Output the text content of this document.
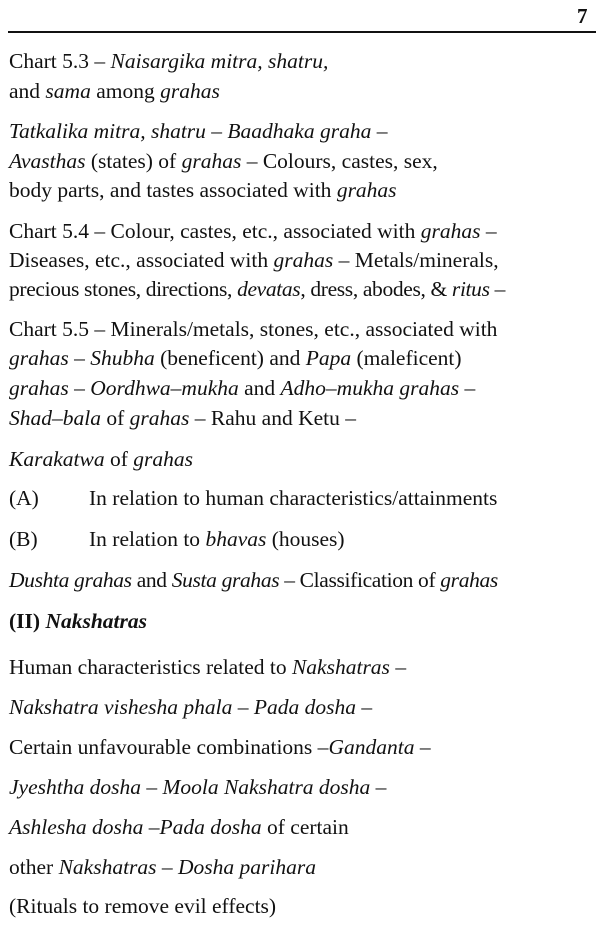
7
Chart 5.3 – Naisargika mitra, shatru,
and sama among grahas
Tatkalika mitra, shatru – Baadhaka graha –
Avasthas (states) of grahas – Colours, castes, sex,
body parts, and tastes associated with grahas
Chart 5.4 – Colour, castes, etc., associated with grahas –
Diseases, etc., associated with grahas – Metals/minerals,
precious stones, directions, devatas, dress, abodes, & ritus –
Chart 5.5 – Minerals/metals, stones, etc., associated with
grahas – Shubha (beneficent) and Papa (maleficent)
grahas – Oordhwa–mukha and Adho–mukha grahas –
Shad–bala of grahas – Rahu and Ketu –
Karakatwa of grahas
(A) In relation to human characteristics/attainments
(B) In relation to bhavas (houses)
Dushta grahas and Susta grahas – Classification of grahas
(II) Nakshatras
Human characteristics related to Nakshatras –
Nakshatra vishesha phala – Pada dosha –
Certain unfavourable combinations –Gandanta –
Jyeshtha dosha – Moola Nakshatra dosha –
Ashlesha dosha –Pada dosha of certain
other Nakshatras – Dosha parihara
(Rituals to remove evil effects)
